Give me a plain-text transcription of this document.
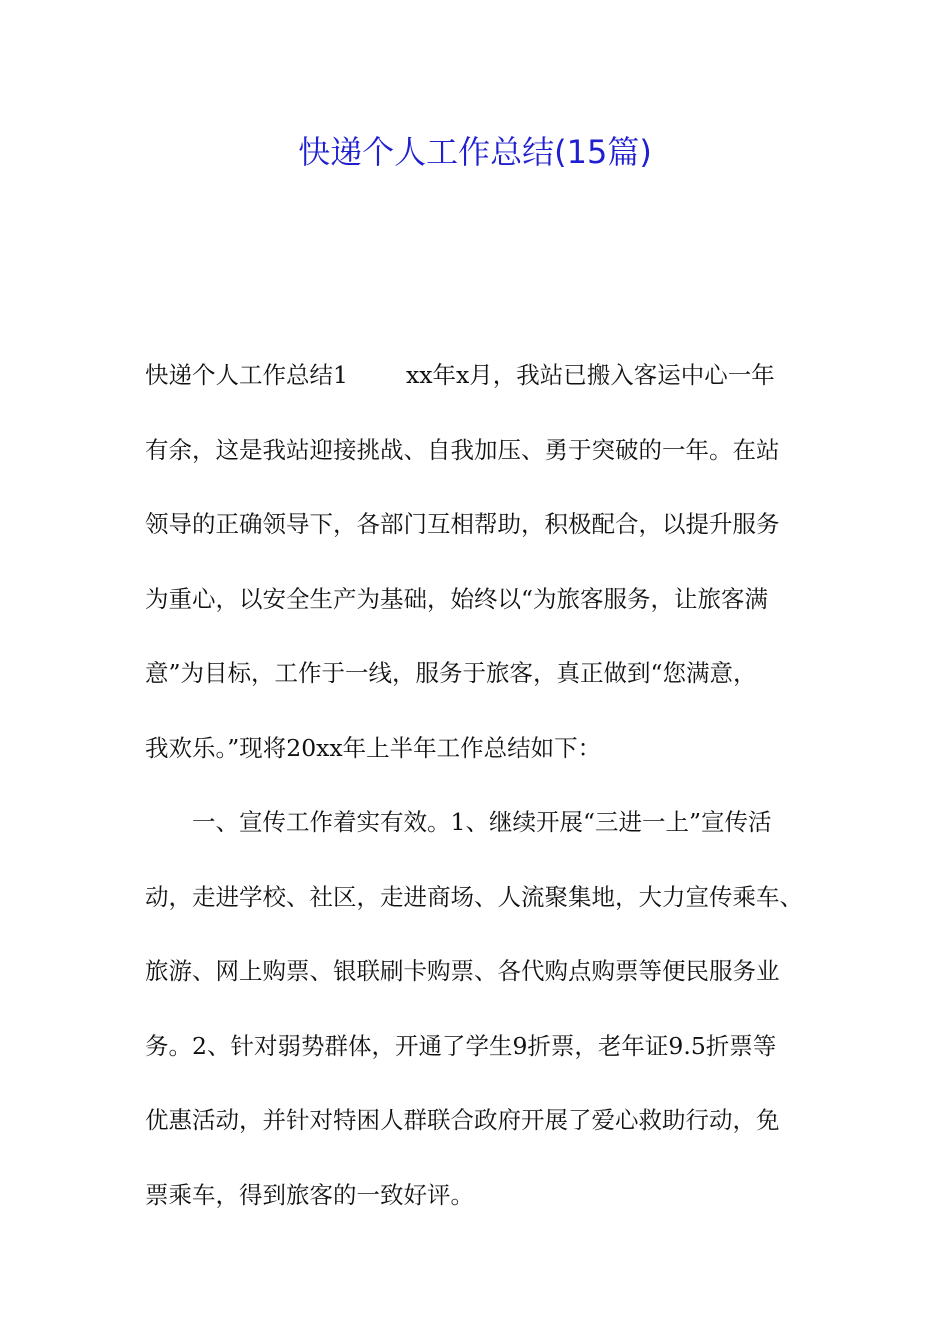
快递个人工作总结(15篇)
快递个人工作总结1 xx年x月，我站已搬入客运中心一年
有余，这是我站迎接挑战、自我加压、勇于突破的一年。在站
领导的正确领导下，各部门互相帮助，积极配合，以提升服务
为重心，以安全生产为基础，始终以“为旅客服务，让旅客满
意”为目标，工作于一线，服务于旅客，真正做到“您满意，
我欢乐。”现将20xx年上半年工作总结如下：
一、宣传工作着实有效。1、继续开展“三进一上”宣传活
动，走进学校、社区，走进商场、人流聚集地，大力宣传乘车、
旅游、网上购票、银联刷卡购票、各代购点购票等便民服务业
务。2、针对弱势群体，开通了学生9折票，老年证9.5折票等
优惠活动，并针对特困人群联合政府开展了爱心救助行动，免
票乘车，得到旅客的一致好评。
